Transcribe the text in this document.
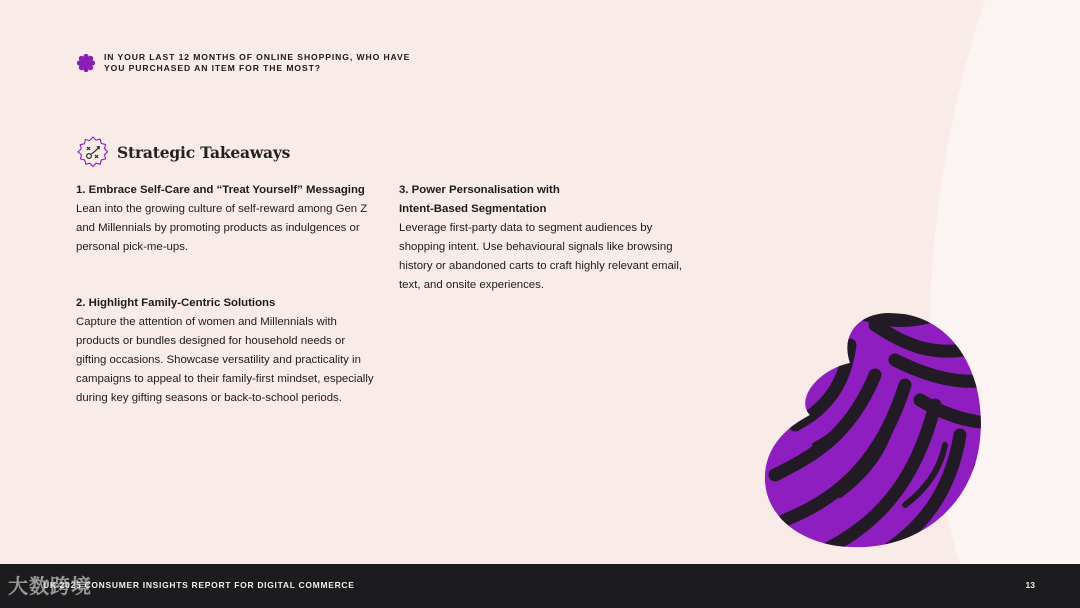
IN YOUR LAST 12 MONTHS OF ONLINE SHOPPING, WHO HAVE YOU PURCHASED AN ITEM FOR THE MOST?
Strategic Takeaways
1. Embrace Self-Care and “Treat Yourself” Messaging
Lean into the growing culture of self-reward among Gen Z and Millennials by promoting products as indulgences or personal pick-me-ups.
2. Highlight Family-Centric Solutions
Capture the attention of women and Millennials with products or bundles designed for household needs or gifting occasions. Showcase versatility and practicality in campaigns to appeal to their family-first mindset, especially during key gifting seasons or back-to-school periods.
3. Power Personalisation with Intent-Based Segmentation
Leverage first-party data to segment audiences by shopping intent. Use behavioural signals like browsing history or abandoned carts to craft highly relevant email, text, and onsite experiences.
大数跨境
UK 2025 CONSUMER INSIGHTS REPORT FOR DIGITAL COMMERCE	13
